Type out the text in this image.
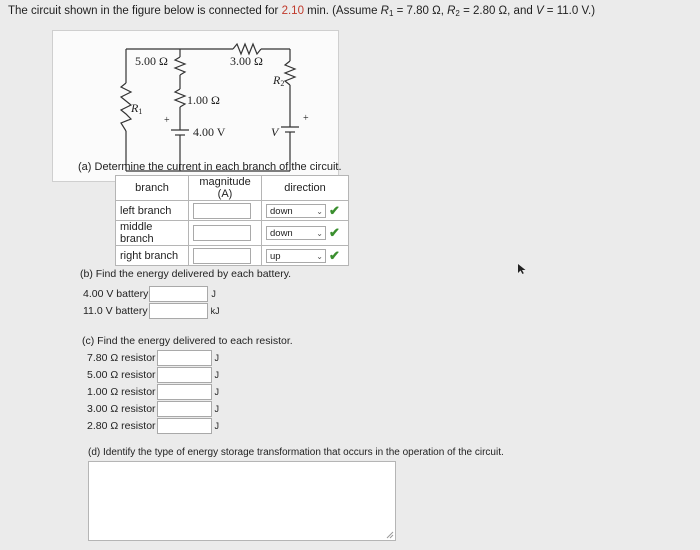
The circuit shown in the figure below is connected for 2.10 min. (Assume $R_1 = 7.80$ Ω, $R_2 = 2.80$ Ω, and V = 11.0 V.)
5.00 Ω	3.00 Ω
1.00 Ω
$R_1$
$R_2$
4.00 V	V
+	+
(a) Determine the current in each branch of the circuit.
branch	magnitude (A)	direction
left branch		down ⌄ ✔
middle branch		down ⌄ ✔
right branch		up ⌄ ✔
(b) Find the energy delivered by each battery.
4.00 V battery	J
11.0 V battery	kJ
(c) Find the energy delivered to each resistor.
7.80 Ω resistor	J
5.00 Ω resistor	J
1.00 Ω resistor	J
3.00 Ω resistor	J
2.80 Ω resistor	J
(d) Identify the type of energy storage transformation that occurs in the operation of the circuit.
